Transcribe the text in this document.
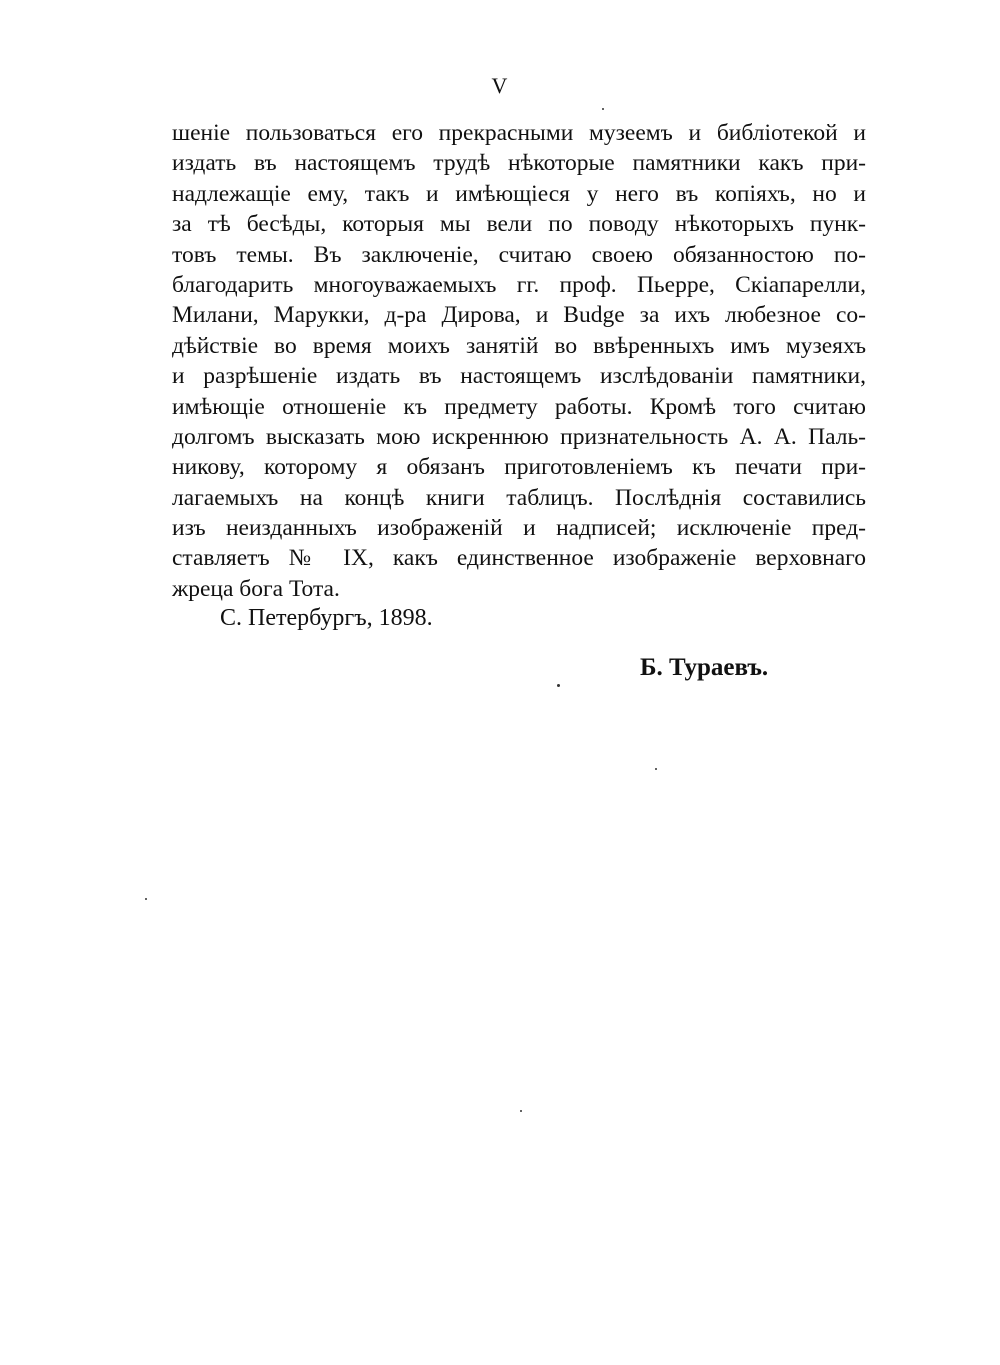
V
шеніе пользоваться его прекрасными музеемъ и библіотекой и
издать въ настоящемъ трудѣ нѣкоторые памятники какъ при-
надлежащіе ему, такъ и имѣющіеся у него въ копіяхъ, но и
за тѣ бесѣды, которыя мы вели по поводу нѣкоторыхъ пунк-
товъ темы. Въ заключеніе, считаю своею обязанностою по-
благодарить многоуважаемыхъ гг. проф. Пьерре, Скіапарелли,
Милани, Марукки, д-ра Дирова, и Budge за ихъ любезное со-
дѣйствіе во время моихъ занятій во ввѣренныхъ имъ музеяхъ
и разрѣшеніе издать въ настоящемъ изслѣдованіи памятники,
имѣющіе отношеніе къ предмету работы. Кромѣ того считаю
долгомъ высказать мою искреннюю признательность А. А. Паль-
никову, которому я обязанъ приготовленіемъ къ печати при-
лагаемыхъ на концѣ книги таблицъ. Послѣднія составились
изъ неизданныхъ изображеній и надписей; исключеніе пред-
ставляетъ № IX, какъ единственное изображеніе верховнаго
жреца бога Тота.
С. Петербургъ, 1898.
Б. Тураевъ.
